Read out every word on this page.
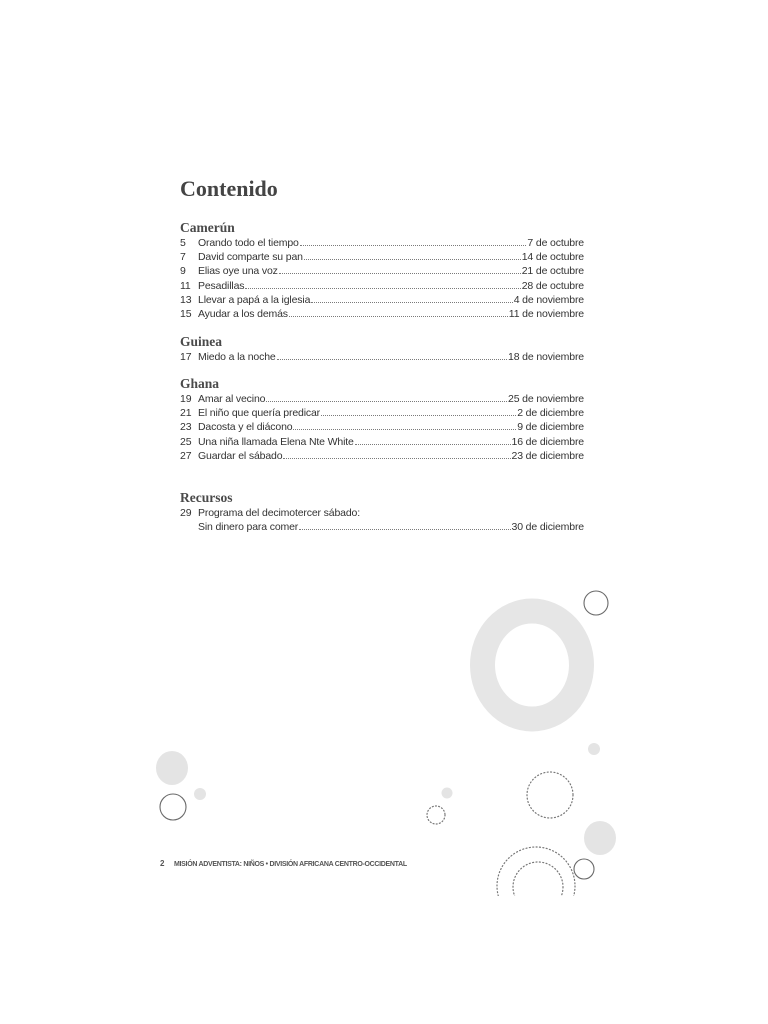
Contenido
Camerún
5	Orando todo el tiempo	7 de octubre
7	David comparte su pan	14 de octubre
9	Elias oye una voz	21 de octubre
11 Pesadillas	28 de octubre
13 Llevar a papá a la iglesia	4 de noviembre
15 Ayudar a los demás	11 de noviembre
Guinea
17 Miedo a la noche	18 de noviembre
Ghana
19 Amar al vecino	25 de noviembre
21 El niño que quería predicar	2 de diciembre
23 Dacosta y el diácono	9 de diciembre
25 Una niña llamada Elena Nte White	16 de diciembre
27 Guardar el sábado	23 de diciembre
Recursos
29 Programa del decimotercer sábado:
Sin dinero para comer	30 de diciembre
2 MISIÓN ADVENTISTA: NIÑOS • DIVISIÓN AFRICANA CENTRO-OCCIDENTAL
